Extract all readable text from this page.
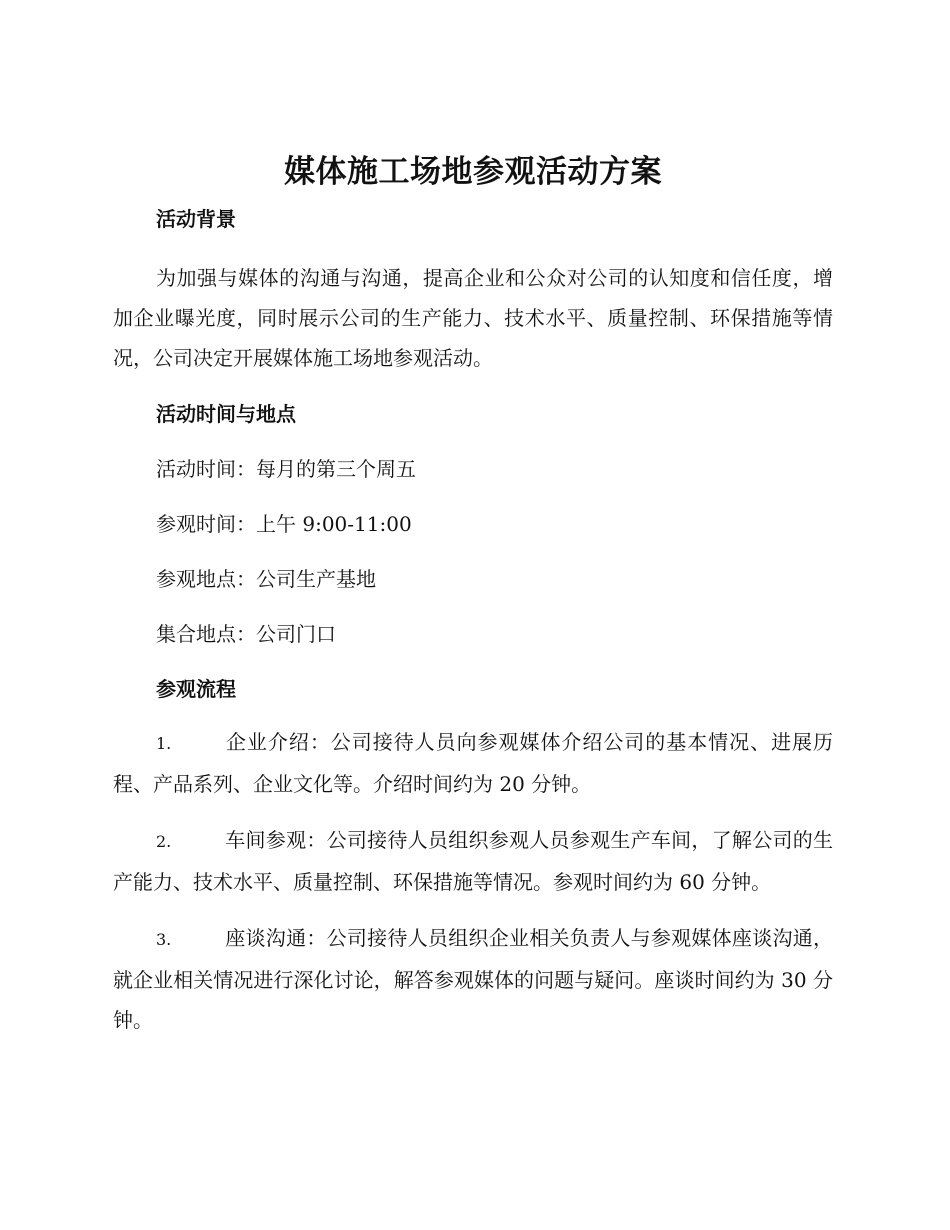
媒体施工场地参观活动方案
活动背景

为加强与媒体的沟通与沟通，提高企业和公众对公司的认知度和信任度，增加企业曝光度，同时展示公司的生产能力、技术水平、质量控制、环保措施等情况，公司决定开展媒体施工场地参观活动。

活动时间与地点
活动时间：每月的第三个周五
参观时间：上午 9:00-11:00
参观地点：公司生产基地
集合地点：公司门口
参观流程

1.	企业介绍：公司接待人员向参观媒体介绍公司的基本情况、进展历程、产品系列、企业文化等。介绍时间约为 20 分钟。

2.	车间参观：公司接待人员组织参观人员参观生产车间，了解公司的生产能力、技术水平、质量控制、环保措施等情况。参观时间约为 60 分钟。

3.	座谈沟通：公司接待人员组织企业相关负责人与参观媒体座谈沟通，就企业相关情况进行深化讨论，解答参观媒体的问题与疑问。座谈时间约为 30 分钟。
